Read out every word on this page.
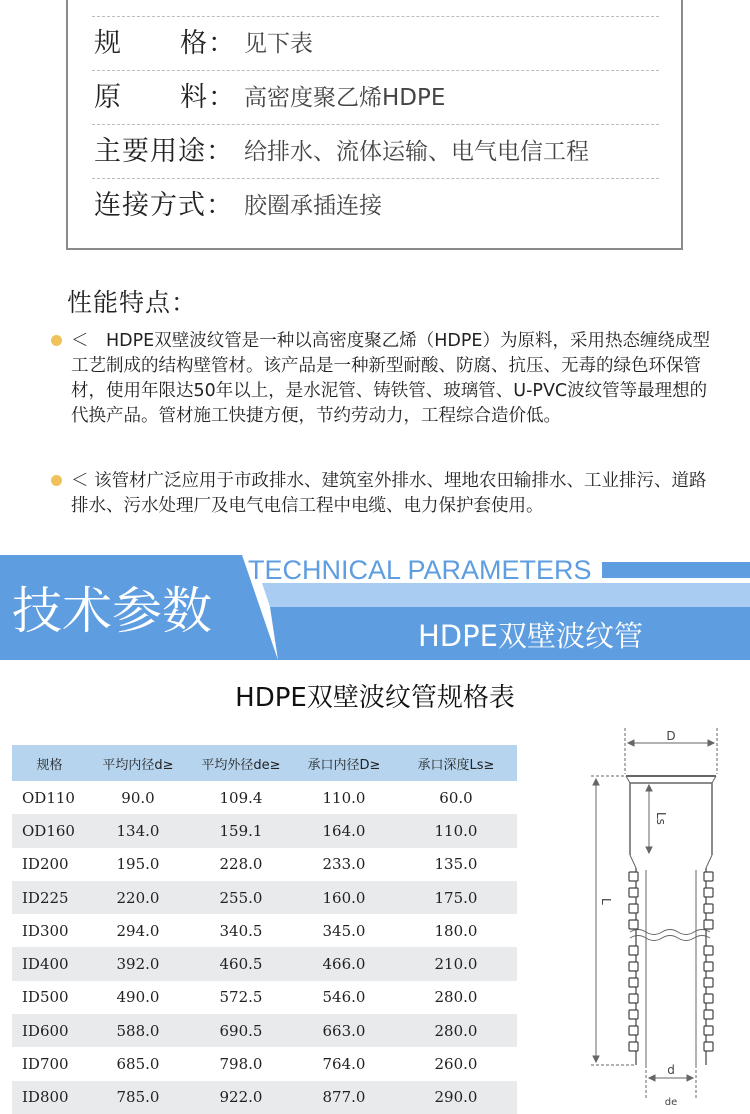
规 格： 见下表
原 料： 高密度聚乙烯HDPE
主要用途： 给排水、流体运输、电气电信工程
连接方式： 胶圈承插连接
性能特点：
＜　HDPE双壁波纹管是一种以高密度聚乙烯（HDPE）为原料，采用热态缠绕成型工艺制成的结构壁管材。该产品是一种新型耐酸、防腐、抗压、无毒的绿色环保管材，使用年限达50年以上，是水泥管、铸铁管、玻璃管、U-PVC波纹管等最理想的代换产品。管材施工快捷方便，节约劳动力，工程综合造价低。
＜ 该管材广泛应用于市政排水、建筑室外排水、埋地农田输排水、工业排污、道路排水、污水处理厂及电气电信工程中电缆、电力保护套使用。
技术参数
TECHNICAL PARAMETERS
HDPE双壁波纹管
HDPE双壁波纹管规格表
规格	平均内径d≥	平均外径de≥	承口内径D≥	承口深度Ls≥
OD110	90.0	109.4	110.0	60.0
OD160	134.0	159.1	164.0	110.0
ID200	195.0	228.0	233.0	135.0
ID225	220.0	255.0	160.0	175.0
ID300	294.0	340.5	345.0	180.0
ID400	392.0	460.5	466.0	210.0
ID500	490.0	572.5	546.0	280.0
ID600	588.0	690.5	663.0	280.0
ID700	685.0	798.0	764.0	260.0
ID800	785.0	922.0	877.0	290.0
D
Ls
L
d
de
